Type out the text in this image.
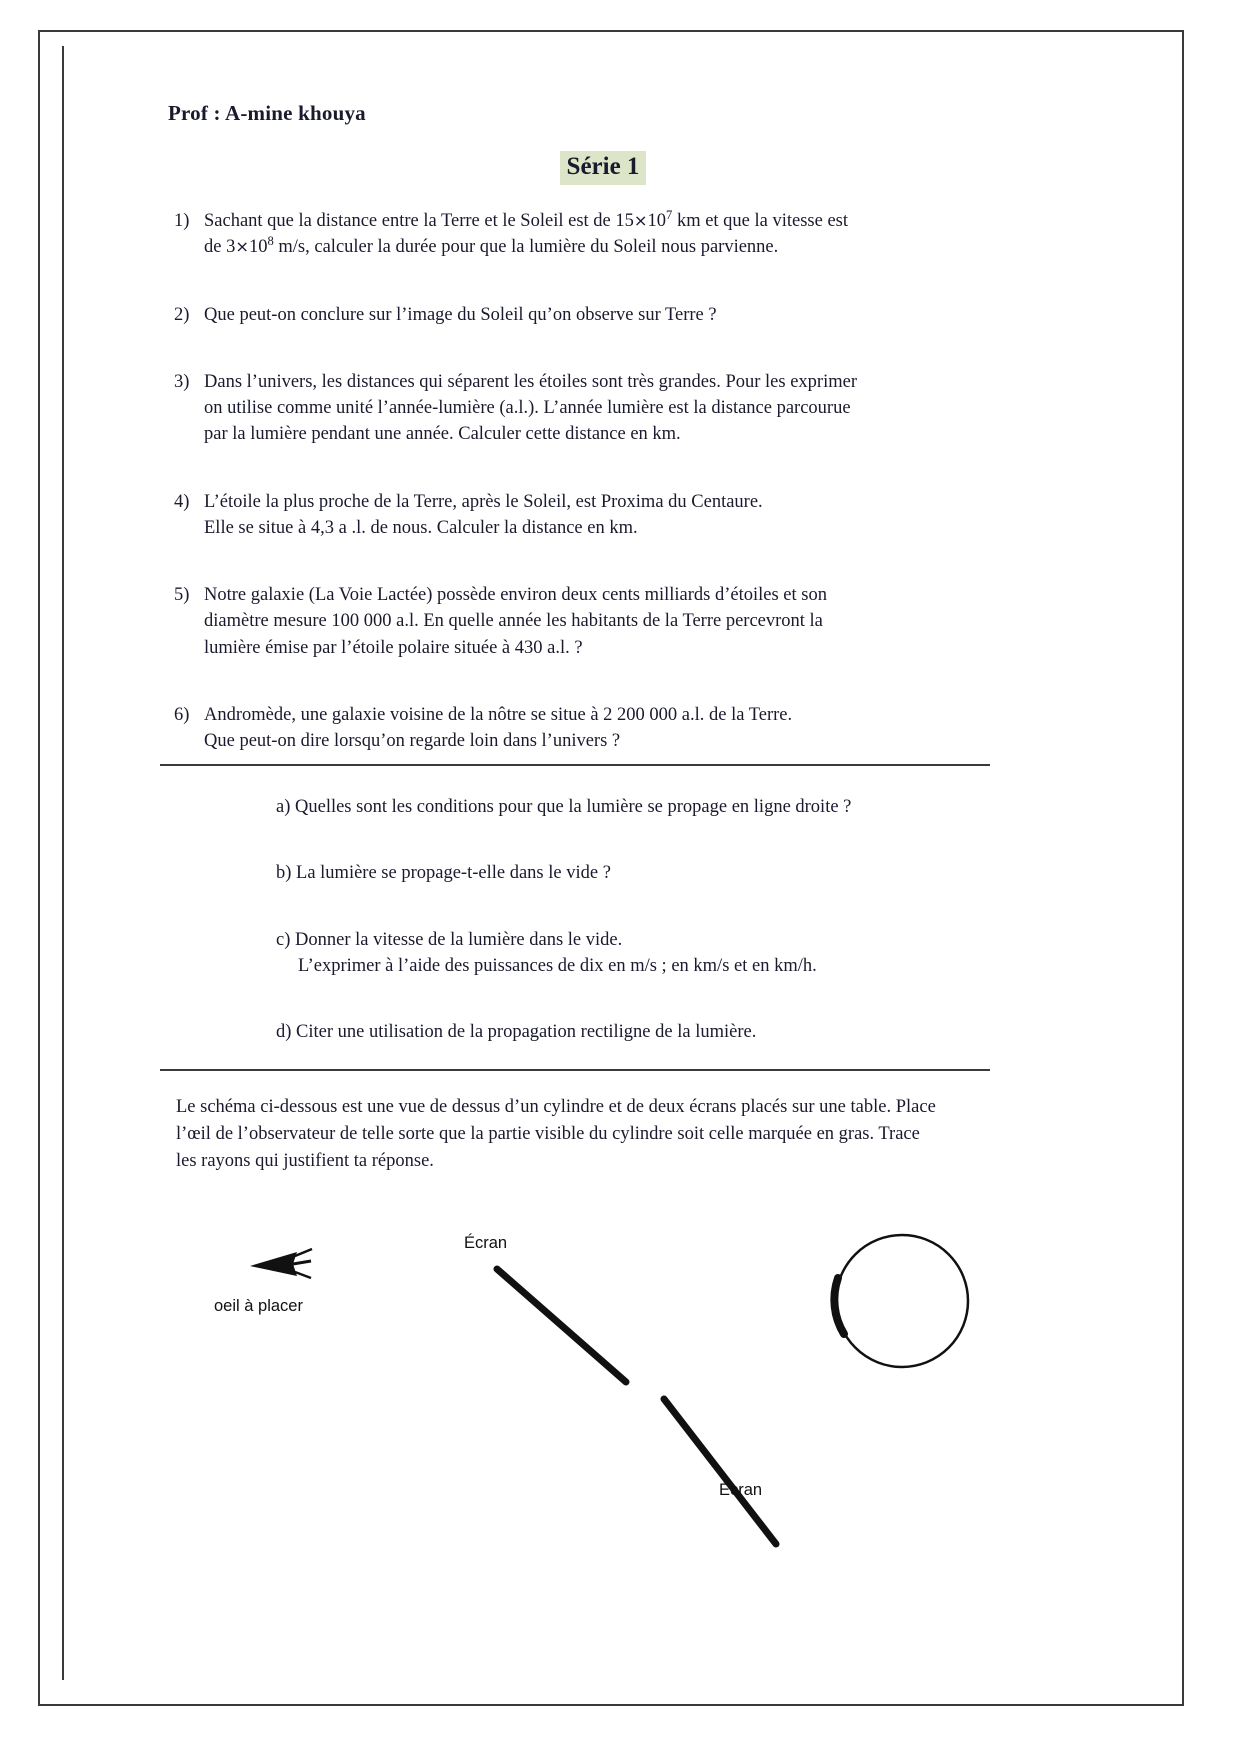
Prof : A-mine khouya
Série 1
1) Sachant que la distance entre la Terre et le Soleil est de $15\times 10^7$ km et que la vitesse est
de $3\times 10^8$ m/s, calculer la durée pour que la lumière du Soleil nous parvienne.
2) Que peut-on conclure sur l’image du Soleil qu’on observe sur Terre ?
3) Dans l’univers, les distances qui séparent les étoiles sont très grandes. Pour les exprimer
on utilise comme unité l’année-lumière (a.l.). L’année lumière est la distance parcourue
par la lumière pendant une année. Calculer cette distance en km.
4) L’étoile la plus proche de la Terre, après le Soleil, est Proxima du Centaure.
Elle se situe à 4,3 a .l. de nous. Calculer la distance en km.
5) Notre galaxie (La Voie Lactée) possède environ deux cents milliards d’étoiles et son
diamètre mesure 100 000 a.l. En quelle année les habitants de la Terre percevront la
lumière émise par l’étoile polaire située à 430 a.l. ?
6) Andromède, une galaxie voisine de la nôtre se situe à 2 200 000 a.l. de la Terre.
Que peut-on dire lorsqu’on regarde loin dans l’univers ?
a) Quelles sont les conditions pour que la lumière se propage en ligne droite ?
b) La lumière se propage-t-elle dans le vide ?
c) Donner la vitesse de la lumière dans le vide.
L’exprimer à l’aide des puissances de dix en m/s ; en km/s et en km/h.
d) Citer une utilisation de la propagation rectiligne de la lumière.
Le schéma ci-dessous est une vue de dessus d’un cylindre et de deux écrans placés sur une table. Place
l’œil de l’observateur de telle sorte que la partie visible du cylindre soit celle marquée en gras. Trace
les rayons qui justifient ta réponse.
Écran
oeil à placer
Écran
